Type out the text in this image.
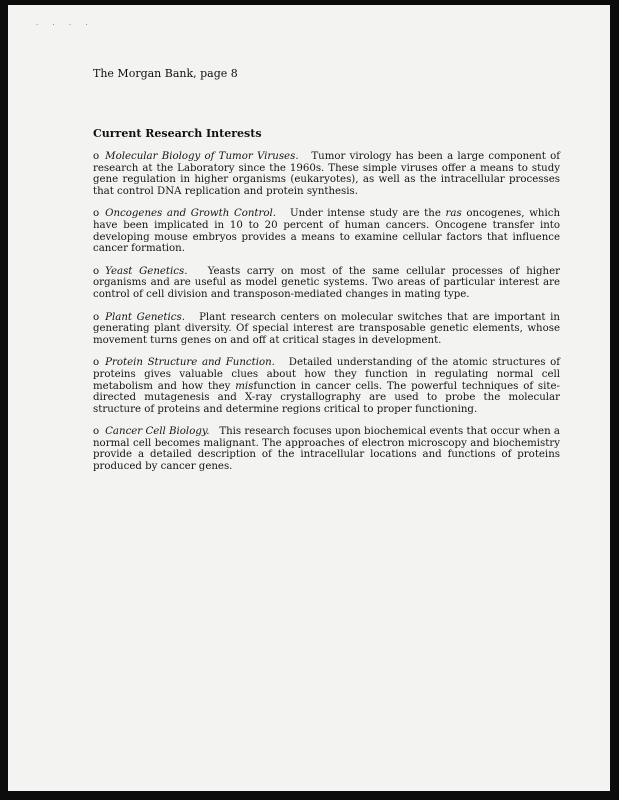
. . . .
The Morgan Bank, page 8
Current Research Interests

o Molecular Biology of Tumor Viruses. Tumor virology has been a large component of research at the Laboratory since the 1960s. These simple viruses offer a means to study gene regulation in higher organisms (eukaryotes), as well as the intracellular processes that control DNA replication and protein synthesis.

o Oncogenes and Growth Control. Under intense study are the ras oncogenes, which have been implicated in 10 to 20 percent of human cancers. Oncogene transfer into developing mouse embryos provides a means to examine cellular factors that influence cancer formation.

o Yeast Genetics. Yeasts carry on most of the same cellular processes of higher organisms and are useful as model genetic systems. Two areas of particular interest are control of cell division and transposon-mediated changes in mating type.

o Plant Genetics. Plant research centers on molecular switches that are important in generating plant diversity. Of special interest are transposable genetic elements, whose movement turns genes on and off at critical stages in development.

o Protein Structure and Function. Detailed understanding of the atomic structures of proteins gives valuable clues about how they function in regulating normal cell metabolism and how they misfunction in cancer cells. The powerful techniques of site-directed mutagenesis and X-ray crystallography are used to probe the molecular structure of proteins and determine regions critical to proper functioning.

o Cancer Cell Biology. This research focuses upon biochemical events that occur when a normal cell becomes malignant. The approaches of electron microscopy and biochemistry provide a detailed description of the intracellular locations and functions of proteins produced by cancer genes.
